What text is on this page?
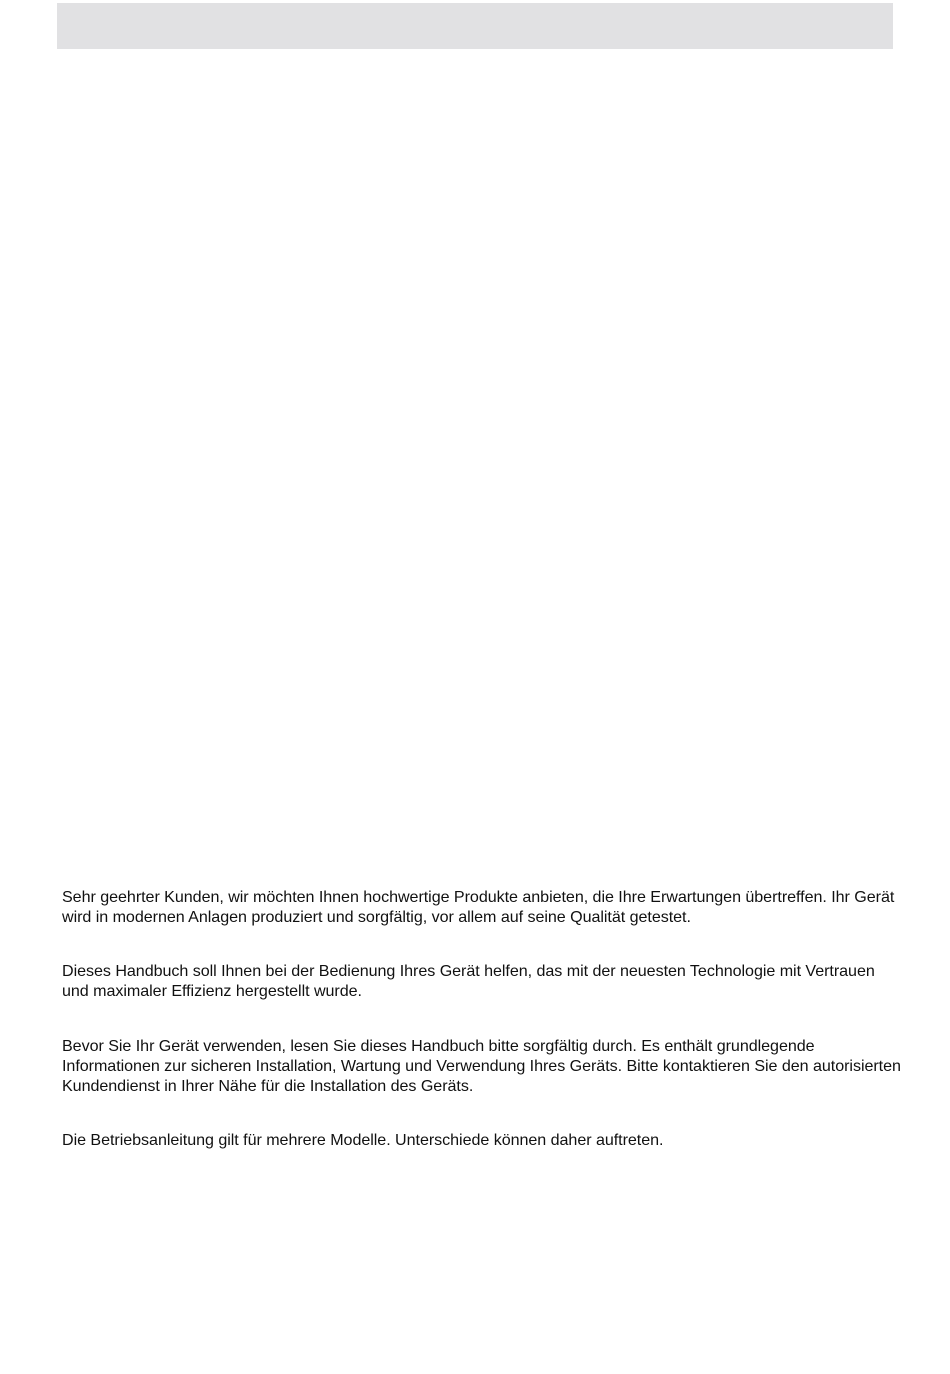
Sehr geehrter Kunden, wir möchten Ihnen hochwertige Produkte anbieten, die Ihre Erwartungen übertreffen. Ihr Gerät wird in modernen Anlagen produziert und sorgfältig, vor allem auf seine Qualität getestet.

Dieses Handbuch soll Ihnen bei der Bedienung Ihres Gerät helfen, das mit der neuesten Technologie mit Vertrauen und maximaler Effizienz hergestellt wurde.

Bevor Sie Ihr Gerät verwenden, lesen Sie dieses Handbuch bitte sorgfältig durch. Es enthält grundlegende Informationen zur sicheren Installation, Wartung und Verwendung Ihres Geräts. Bitte kontaktieren Sie den autorisierten Kundendienst in Ihrer Nähe für die Installation des Geräts.

Die Betriebsanleitung gilt für mehrere Modelle. Unterschiede können daher auftreten.
